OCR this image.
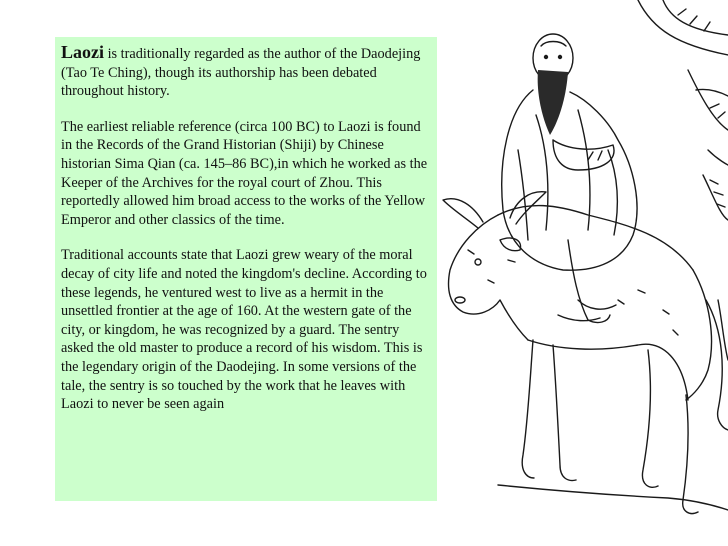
Laozi is traditionally regarded as the author of the Daodejing (Tao Te Ching), though its authorship has been debated throughout history.

The earliest reliable reference (circa 100 BC) to Laozi is found in the Records of the Grand Historian (Shiji) by Chinese historian Sima Qian (ca. 145–86 BC),in which he worked as the Keeper of the Archives for the royal court of Zhou. This reportedly allowed him broad access to the works of the Yellow Emperor and other classics of the time.

Traditional accounts state that Laozi grew weary of the moral decay of city life and noted the kingdom's decline. According to these legends, he ventured west to live as a hermit in the unsettled frontier at the age of 160. At the western gate of the city, or kingdom, he was recognized by a guard. The sentry asked the old master to produce a record of his wisdom. This is the legendary origin of the Daodejing. In some versions of the tale, the sentry is so touched by the work that he leaves with Laozi to never be seen again
